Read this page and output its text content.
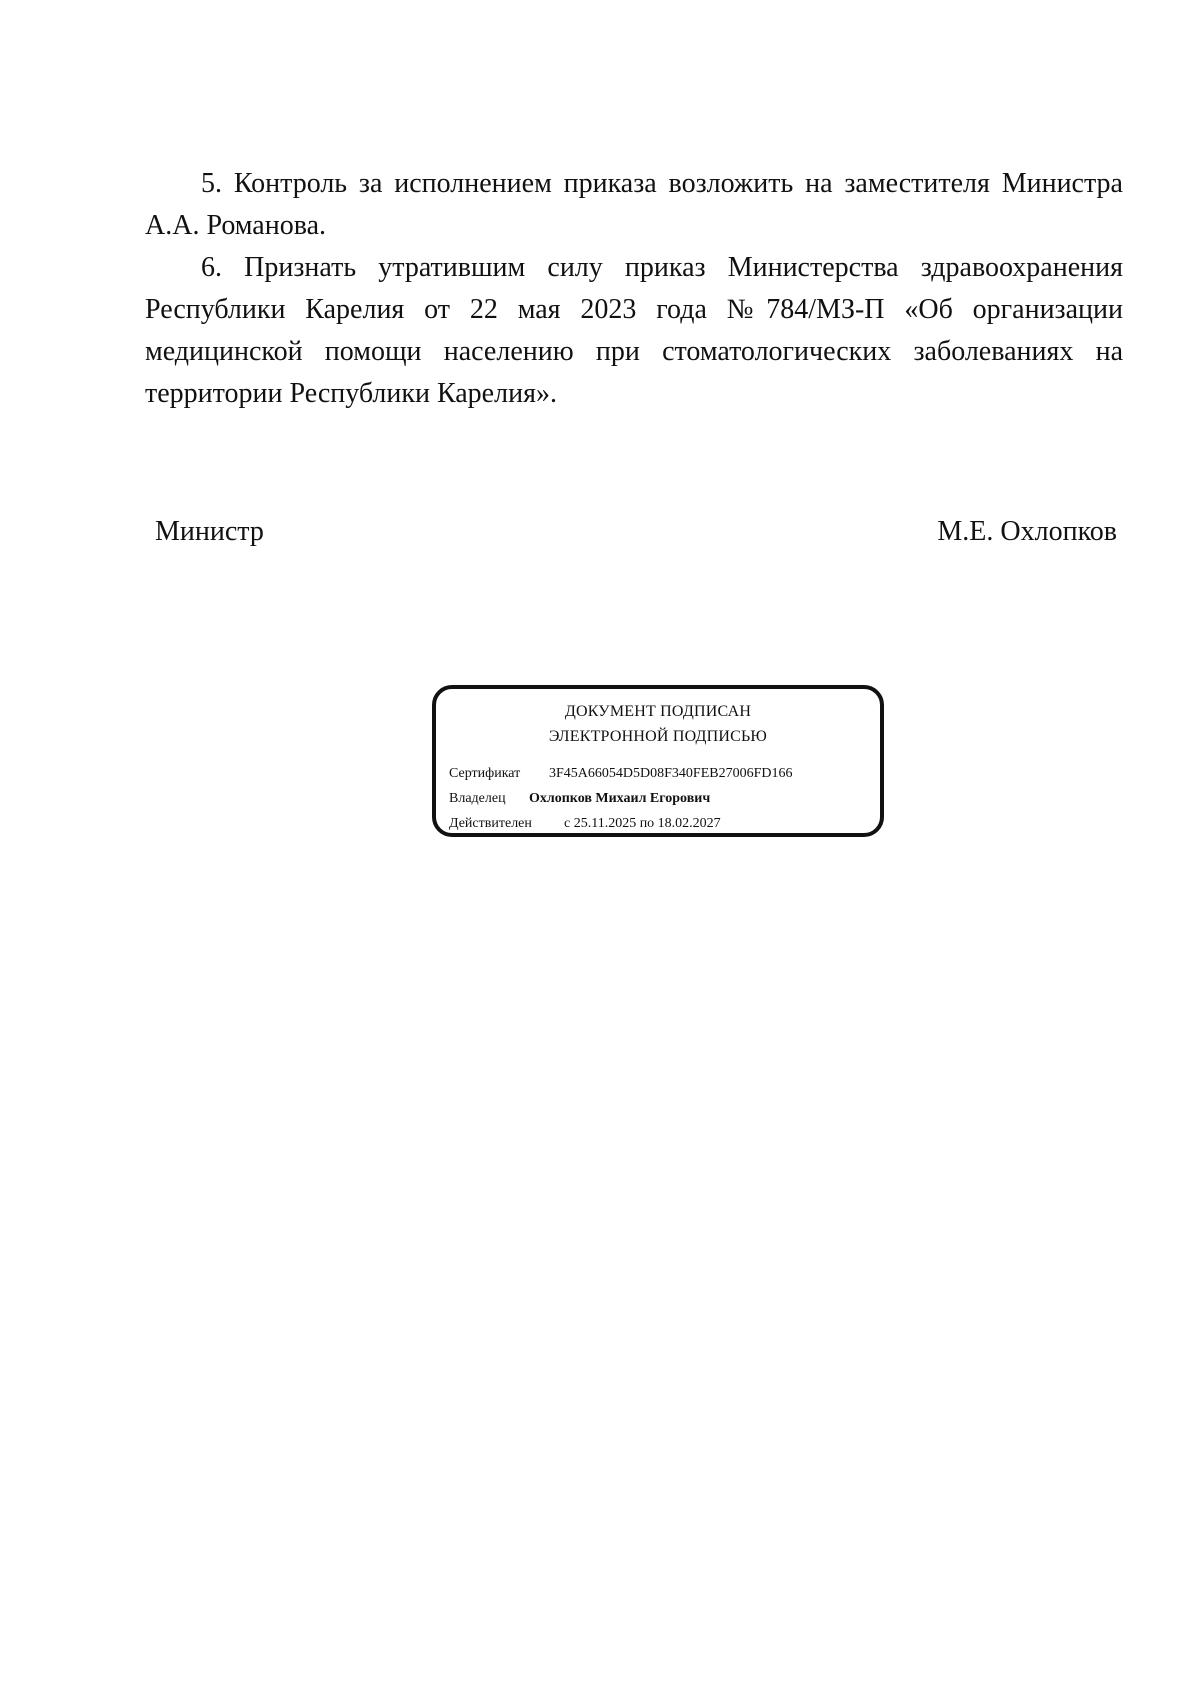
5. Контроль за исполнением приказа возложить на заместителя Министра А.А. Романова.

6. Признать утратившим силу приказ Министерства здравоохранения Республики Карелия от 22 мая 2023 года №784/МЗ-П «Об организации медицинской помощи населению при стоматологических заболеваниях на территории Республики Карелия».

Министр	М.Е. Охлопков
ДОКУМЕНТ ПОДПИСАН
ЭЛЕКТРОННОЙ ПОДПИСЬЮ
Сертификат 3F45A66054D5D08F340FEB27006FD166
Владелец Охлопков Михаил Егорович
Действителен с 25.11.2025 по 18.02.2027
